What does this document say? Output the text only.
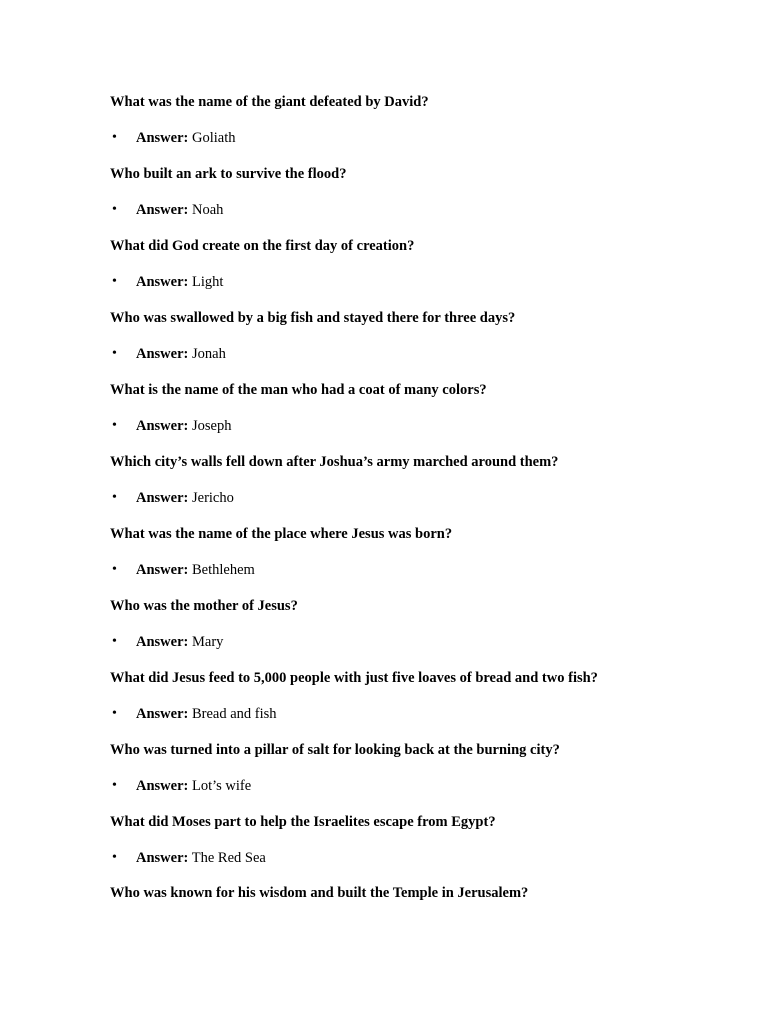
What was the name of the giant defeated by David?

• Answer: Goliath

Who built an ark to survive the flood?

• Answer: Noah

What did God create on the first day of creation?

• Answer: Light

Who was swallowed by a big fish and stayed there for three days?

• Answer: Jonah

What is the name of the man who had a coat of many colors?

• Answer: Joseph

Which city’s walls fell down after Joshua’s army marched around them?

• Answer: Jericho

What was the name of the place where Jesus was born?

• Answer: Bethlehem

Who was the mother of Jesus?

• Answer: Mary

What did Jesus feed to 5,000 people with just five loaves of bread and two fish?

• Answer: Bread and fish

Who was turned into a pillar of salt for looking back at the burning city?

• Answer: Lot’s wife

What did Moses part to help the Israelites escape from Egypt?

• Answer: The Red Sea

Who was known for his wisdom and built the Temple in Jerusalem?
